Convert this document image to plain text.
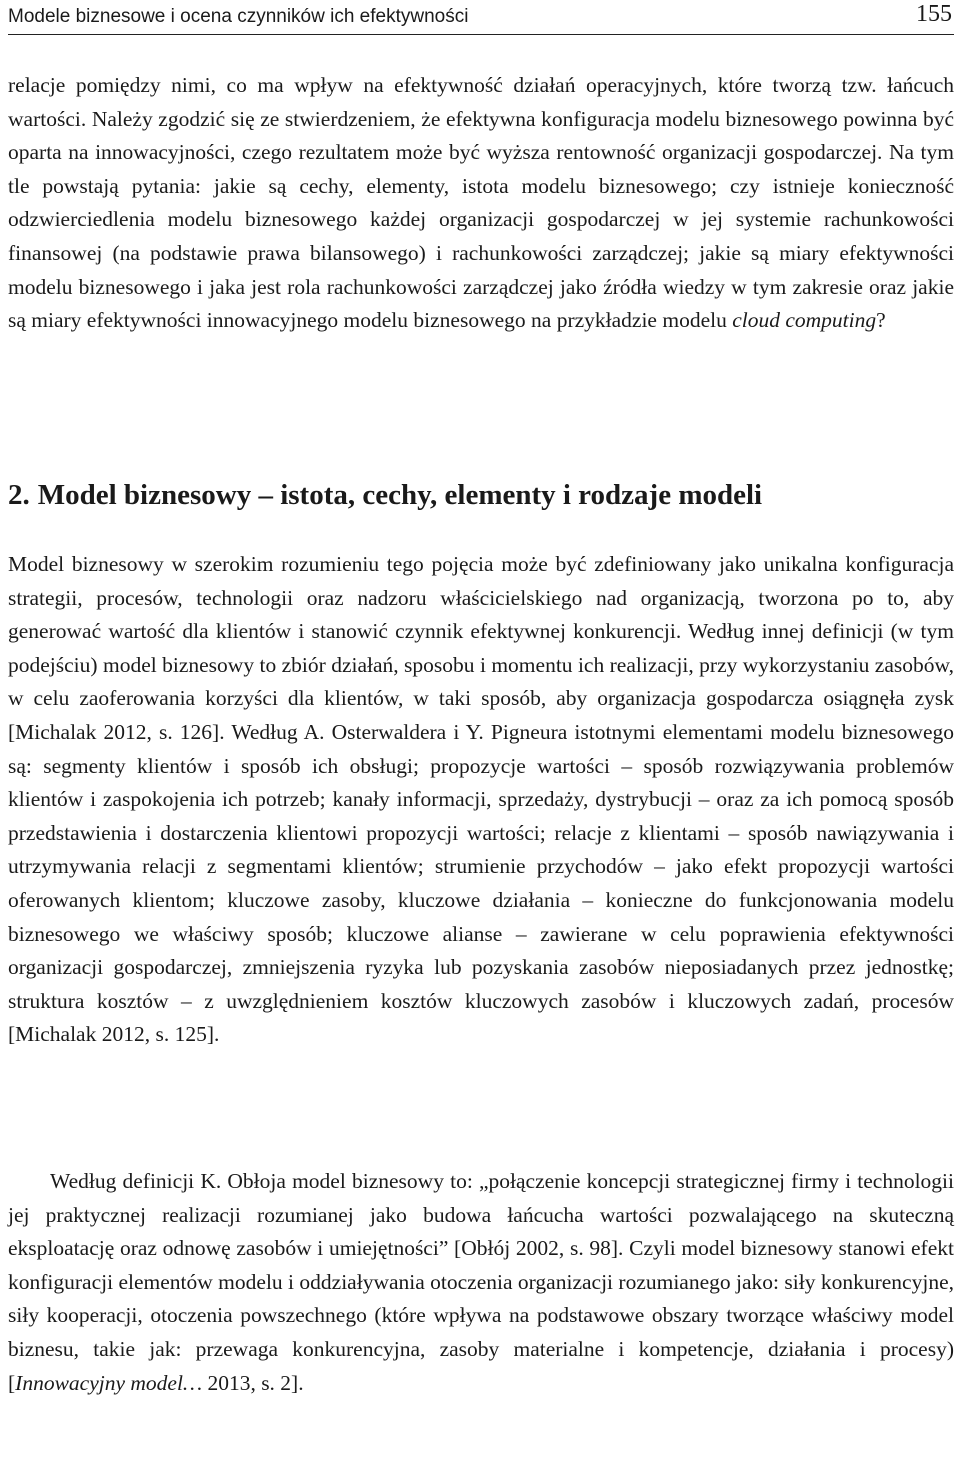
Modele biznesowe i ocena czynników ich efektywności	155

relacje pomiędzy nimi, co ma wpływ na efektywność działań operacyjnych, które tworzą tzw. łańcuch wartości. Należy zgodzić się ze stwierdzeniem, że efektywna konfiguracja modelu biznesowego powinna być oparta na innowacyjności, czego rezultatem może być wyższa rentowność organizacji gospodarczej. Na tym tle powstają pytania: jakie są cechy, elementy, istota modelu biznesowego; czy istnieje konieczność odzwierciedlenia modelu biznesowego każdej organizacji gospodarczej w jej systemie rachunkowości finansowej (na podstawie prawa bilansowego) i rachunkowości zarządczej; jakie są miary efektywności modelu biznesowego i jaka jest rola rachunkowości zarządczej jako źródła wiedzy w tym zakresie oraz jakie są miary efektywności innowacyjnego modelu biznesowego na przykładzie modelu cloud computing?

2. Model biznesowy – istota, cechy, elementy i rodzaje modeli

Model biznesowy w szerokim rozumieniu tego pojęcia może być zdefiniowany jako unikalna konfiguracja strategii, procesów, technologii oraz nadzoru właścicielskiego nad organizacją, tworzona po to, aby generować wartość dla klientów i stanowić czynnik efektywnej konkurencji. Według innej definicji (w tym podejściu) model biznesowy to zbiór działań, sposobu i momentu ich realizacji, przy wykorzystaniu zasobów, w celu zaoferowania korzyści dla klientów, w taki sposób, aby organizacja gospodarcza osiągnęła zysk [Michalak 2012, s. 126]. Według A. Osterwaldera i Y. Pigneura istotnymi elementami modelu biznesowego są: segmenty klientów i sposób ich obsługi; propozycje wartości – sposób rozwiązywania problemów klientów i zaspokojenia ich potrzeb; kanały informacji, sprzedaży, dystrybucji – oraz za ich pomocą sposób przedstawienia i dostarczenia klientowi propozycji wartości; relacje z klientami – sposób nawiązywania i utrzymywania relacji z segmentami klientów; strumienie przychodów – jako efekt propozycji wartości oferowanych klientom; kluczowe zasoby, kluczowe działania – konieczne do funkcjonowania modelu biznesowego we właściwy sposób; kluczowe alianse – zawierane w celu poprawienia efektywności organizacji gospodarczej, zmniejszenia ryzyka lub pozyskania zasobów nieposiadanych przez jednostkę; struktura kosztów – z uwzględnieniem kosztów kluczowych zasobów i kluczowych zadań, procesów [Michalak 2012, s. 125].

Według definicji K. Obłoja model biznesowy to: „połączenie koncepcji strategicznej firmy i technologii jej praktycznej realizacji rozumianej jako budowa łańcucha wartości pozwalającego na skuteczną eksploatację oraz odnowę zasobów i umiejętności” [Obłój 2002, s. 98]. Czyli model biznesowy stanowi efekt konfiguracji elementów modelu i oddziaływania otoczenia organizacji rozumianego jako: siły konkurencyjne, siły kooperacji, otoczenia powszechnego (które wpływa na podstawowe obszary tworzące właściwy model biznesu, takie jak: przewaga konkurencyjna, zasoby materialne i kompetencje, działania i procesy) [Innowacyjny model… 2013, s. 2].
